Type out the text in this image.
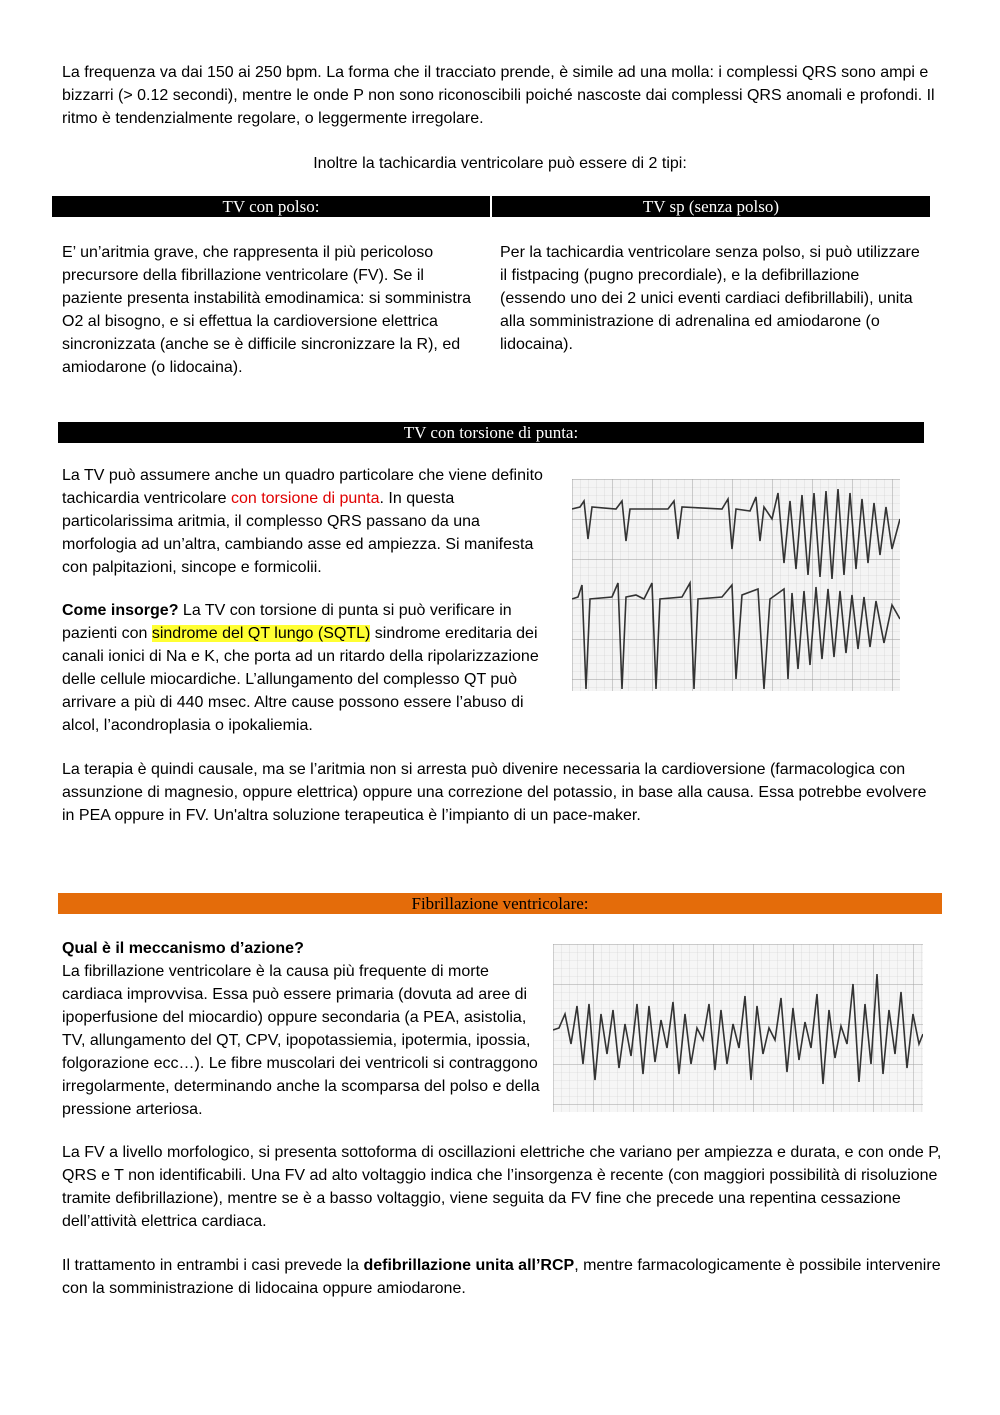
La frequenza va dai 150 ai 250 bpm. La forma che il tracciato prende, è simile ad una molla: i complessi QRS sono ampi e bizzarri (> 0.12 secondi), mentre le onde P non sono riconoscibili poiché nascoste dai complessi QRS anomali e profondi. Il ritmo è tendenzialmente regolare, o leggermente irregolare.

Inoltre la tachicardia ventricolare può essere di 2 tipi:

TV con polso:	TV sp (senza polso)

E’ un’aritmia grave, che rappresenta il più pericoloso precursore della fibrillazione ventricolare (FV). Se il paziente presenta instabilità emodinamica: si somministra O2 al bisogno, e si effettua la cardioversione elettrica sincronizzata (anche se è difficile sincronizzare la R), ed amiodarone (o lidocaina).

Per la tachicardia ventricolare senza polso, si può utilizzare il fistpacing (pugno precordiale), e la defibrillazione (essendo uno dei 2 unici eventi cardiaci defibrillabili), unita alla somministrazione di adrenalina ed amiodarone (o lidocaina).

TV con torsione di punta:

La TV può assumere anche un quadro particolare che viene definito tachicardia ventricolare con torsione di punta. In questa particolarissima aritmia, il complesso QRS passano da una morfologia ad un’altra, cambiando asse ed ampiezza. Si manifesta con palpitazioni, sincope e formicolii.

Come insorge? La TV con torsione di punta si può verificare in pazienti con sindrome del QT lungo (SQTL) sindrome ereditaria dei canali ionici di Na e K, che porta ad un ritardo della ripolarizzazione delle cellule miocardiche. L’allungamento del complesso QT può arrivare a più di 440 msec. Altre cause possono essere l’abuso di alcol, l’acondroplasia o ipokaliemia.

La terapia è quindi causale, ma se l’aritmia non si arresta può divenire necessaria la cardioversione (farmacologica con assunzione di magnesio, oppure elettrica) oppure una correzione del potassio, in base alla causa. Essa potrebbe evolvere in PEA oppure in FV. Un'altra soluzione terapeutica è l’impianto di un pace-maker.

Fibrillazione ventricolare:

Qual è il meccanismo d’azione?
La fibrillazione ventricolare è la causa più frequente di morte cardiaca improvvisa. Essa può essere primaria (dovuta ad aree di ipoperfusione del miocardio) oppure secondaria (a PEA, asistolia, TV, allungamento del QT, CPV, ipopotassiemia, ipotermia, ipossia, folgorazione ecc…). Le fibre muscolari dei ventricoli si contraggono irregolarmente, determinando anche la scomparsa del polso e della pressione arteriosa.

La FV a livello morfologico, si presenta sottoforma di oscillazioni elettriche che variano per ampiezza e durata, e con onde P, QRS e T non identificabili. Una FV ad alto voltaggio indica che l’insorgenza è recente (con maggiori possibilità di risoluzione tramite defibrillazione), mentre se è a basso voltaggio, viene seguita da FV fine che precede una repentina cessazione dell’attività elettrica cardiaca.

Il trattamento in entrambi i casi prevede la defibrillazione unita all’RCP, mentre farmacologicamente è possibile intervenire con la somministrazione di lidocaina oppure amiodarone.
